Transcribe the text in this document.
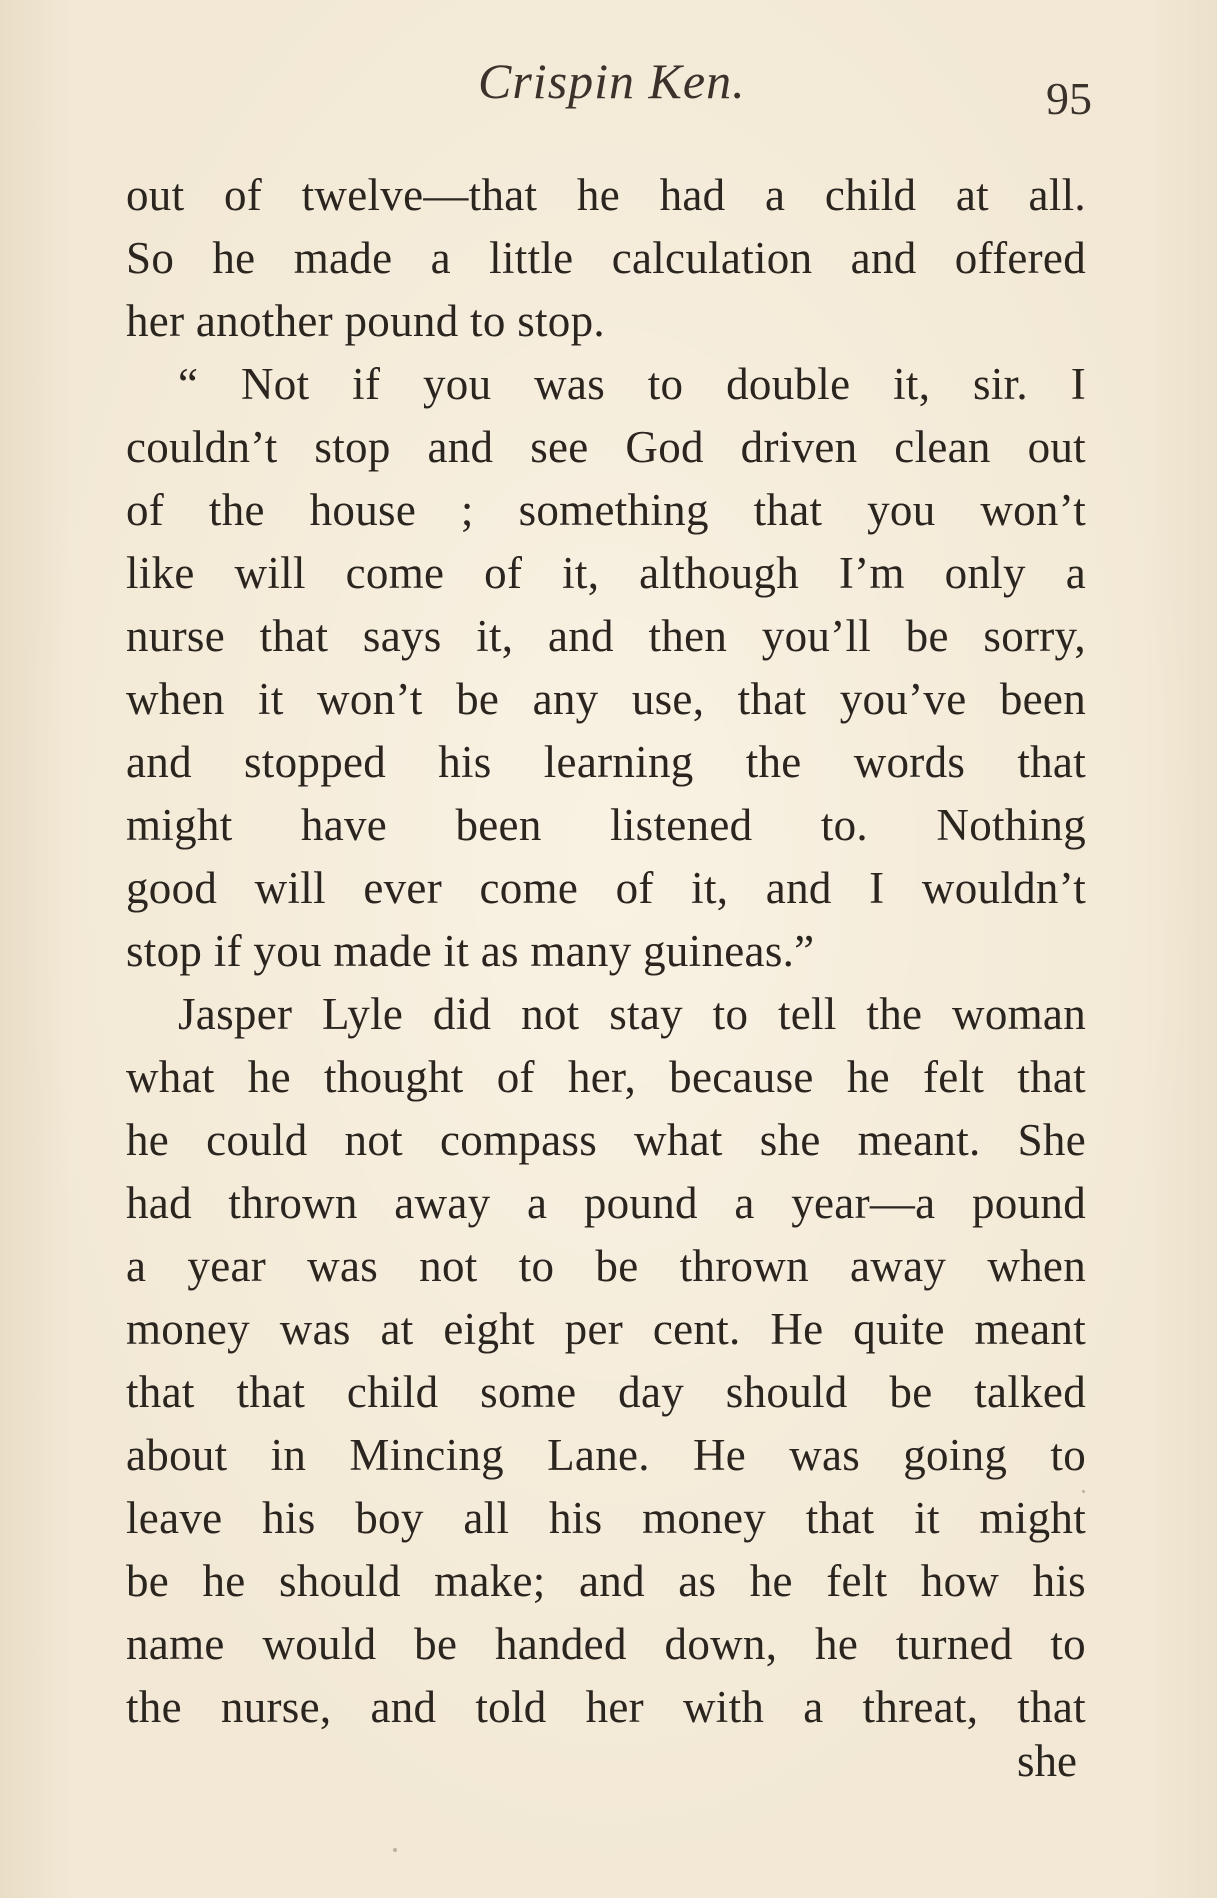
Crispin Ken.	95
out of twelve—that he had a child at all.
So he made a little calculation and offered
her another pound to stop.
“ Not if you was to double it, sir. I
couldn’t stop and see God driven clean out
of the house ; something that you won’t
like will come of it, although I’m only a
nurse that says it, and then you’ll be sorry,
when it won’t be any use, that you’ve been
and stopped his learning the words that
might have been listened to. Nothing
good will ever come of it, and I wouldn’t
stop if you made it as many guineas.”
Jasper Lyle did not stay to tell the woman
what he thought of her, because he felt that
he could not compass what she meant. She
had thrown away a pound a year—a pound
a year was not to be thrown away when
money was at eight per cent. He quite meant
that that child some day should be talked
about in Mincing Lane. He was going to
leave his boy all his money that it might
be he should make; and as he felt how his
name would be handed down, he turned to
the nurse, and told her with a threat, that
she
